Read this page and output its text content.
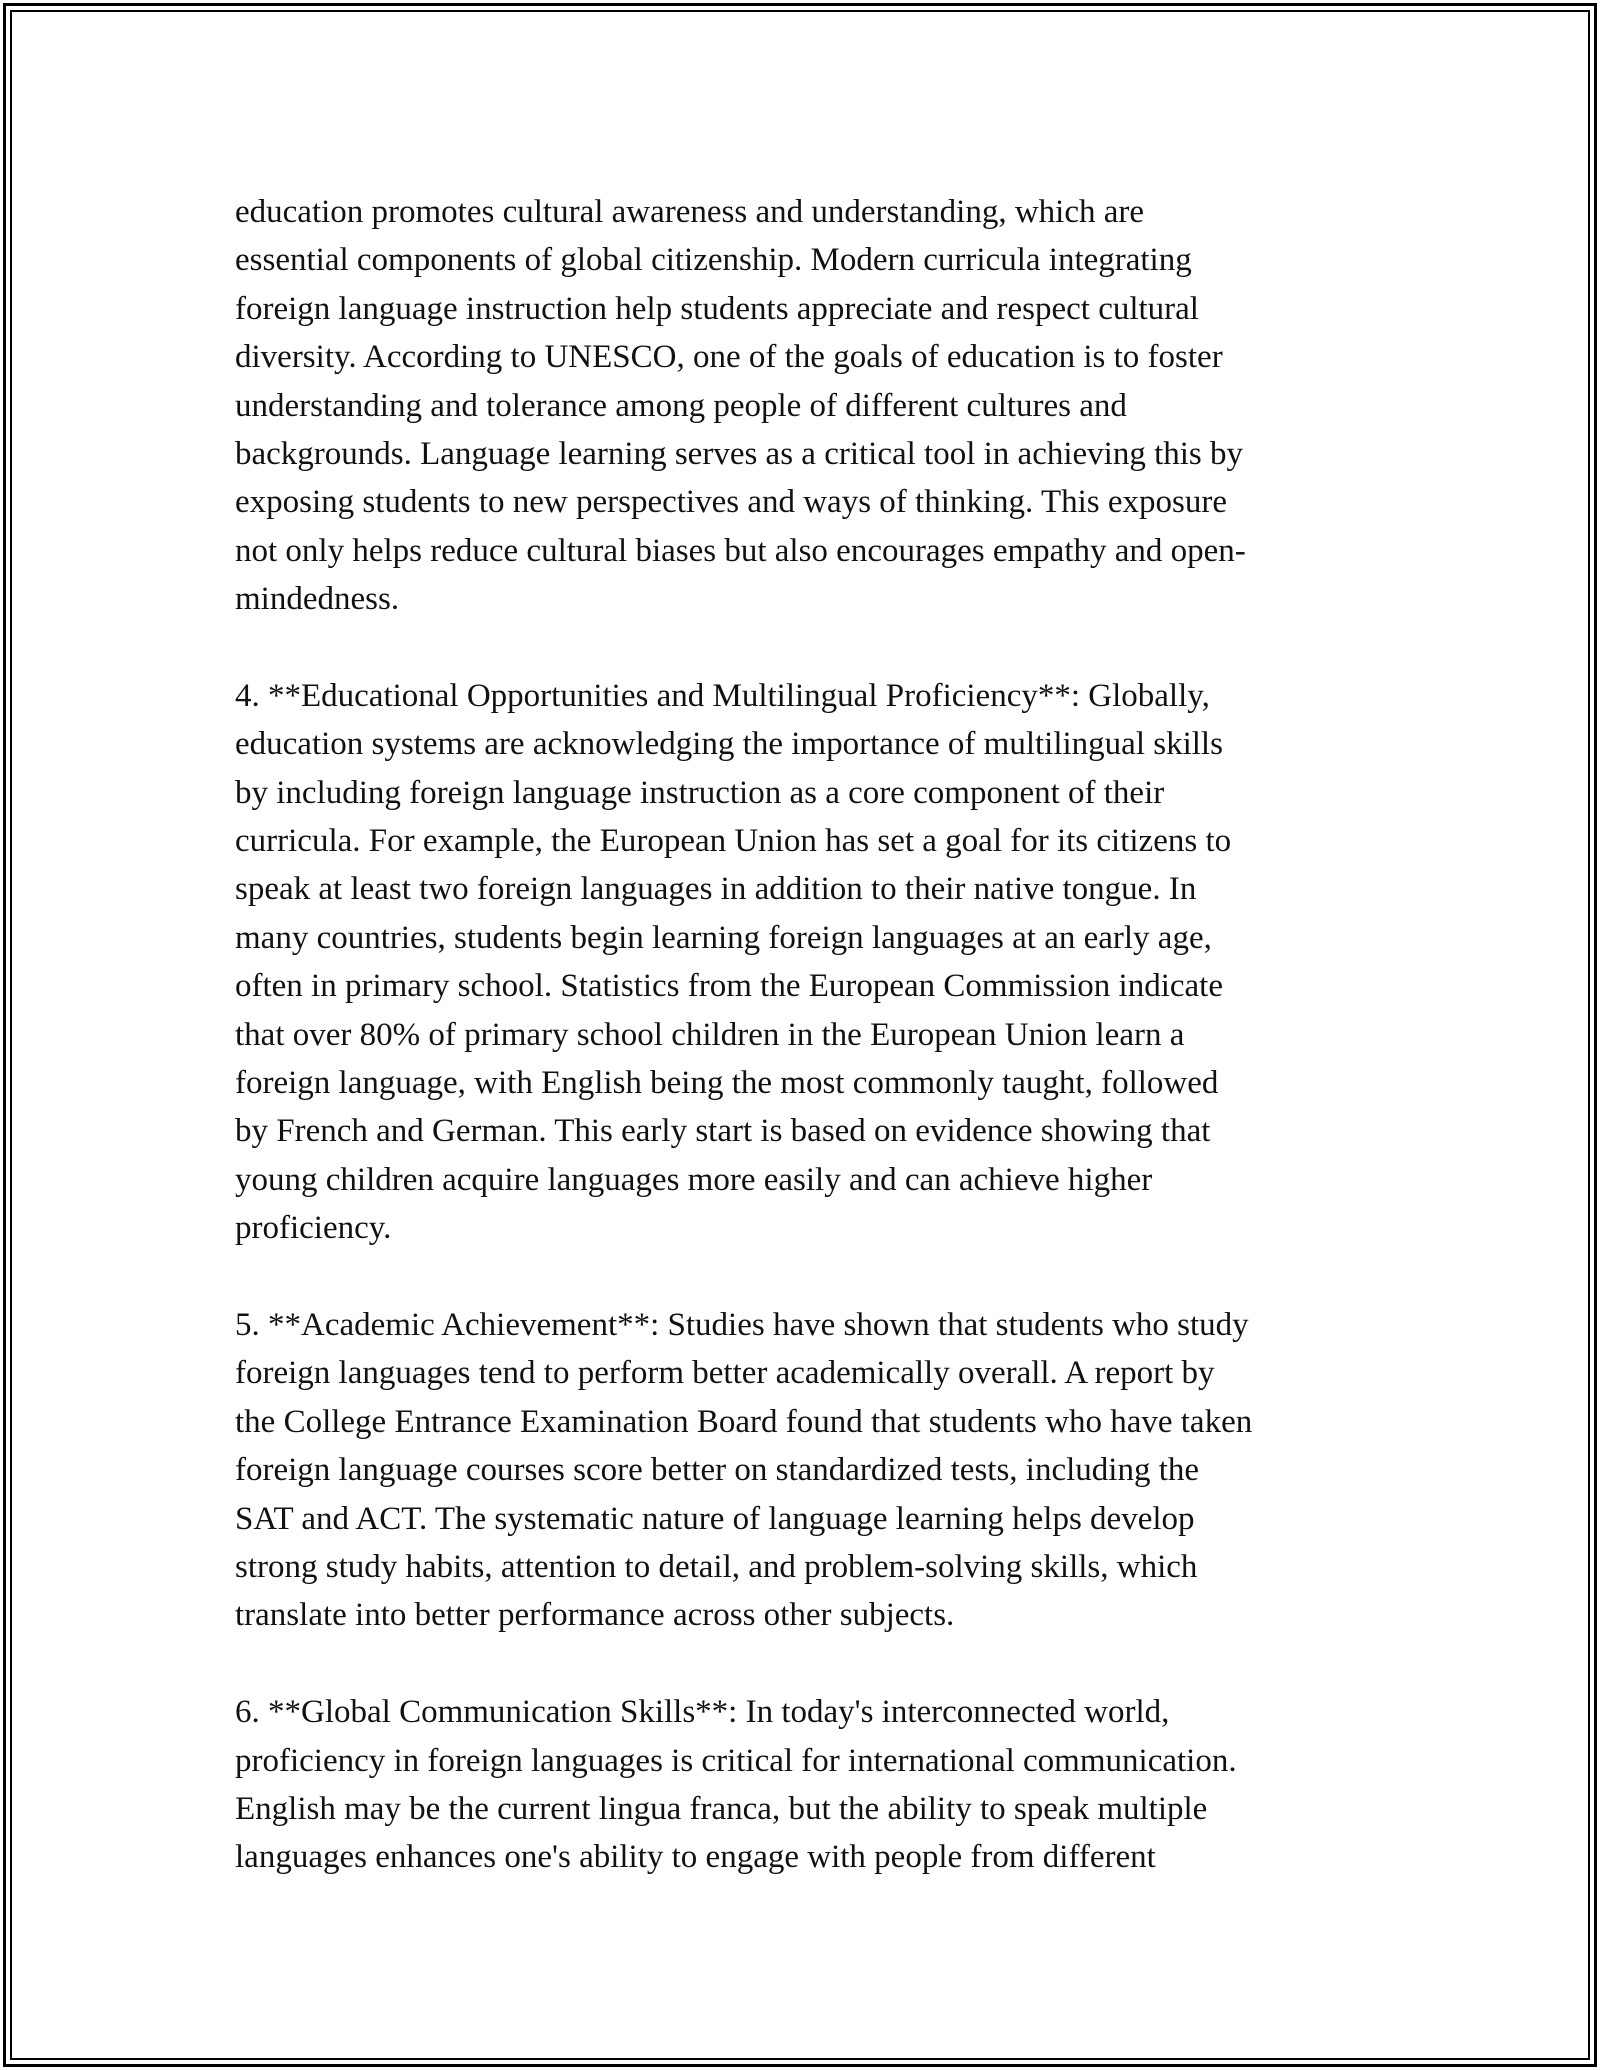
education promotes cultural awareness and understanding, which are
essential components of global citizenship. Modern curricula integrating
foreign language instruction help students appreciate and respect cultural
diversity. According to UNESCO, one of the goals of education is to foster
understanding and tolerance among people of different cultures and
backgrounds. Language learning serves as a critical tool in achieving this by
exposing students to new perspectives and ways of thinking. This exposure
not only helps reduce cultural biases but also encourages empathy and open-
mindedness.
4. **Educational Opportunities and Multilingual Proficiency**: Globally,
education systems are acknowledging the importance of multilingual skills
by including foreign language instruction as a core component of their
curricula. For example, the European Union has set a goal for its citizens to
speak at least two foreign languages in addition to their native tongue. In
many countries, students begin learning foreign languages at an early age,
often in primary school. Statistics from the European Commission indicate
that over 80% of primary school children in the European Union learn a
foreign language, with English being the most commonly taught, followed
by French and German. This early start is based on evidence showing that
young children acquire languages more easily and can achieve higher
proficiency.
5. **Academic Achievement**: Studies have shown that students who study
foreign languages tend to perform better academically overall. A report by
the College Entrance Examination Board found that students who have taken
foreign language courses score better on standardized tests, including the
SAT and ACT. The systematic nature of language learning helps develop
strong study habits, attention to detail, and problem-solving skills, which
translate into better performance across other subjects.
6. **Global Communication Skills**: In today's interconnected world,
proficiency in foreign languages is critical for international communication.
English may be the current lingua franca, but the ability to speak multiple
languages enhances one's ability to engage with people from different
